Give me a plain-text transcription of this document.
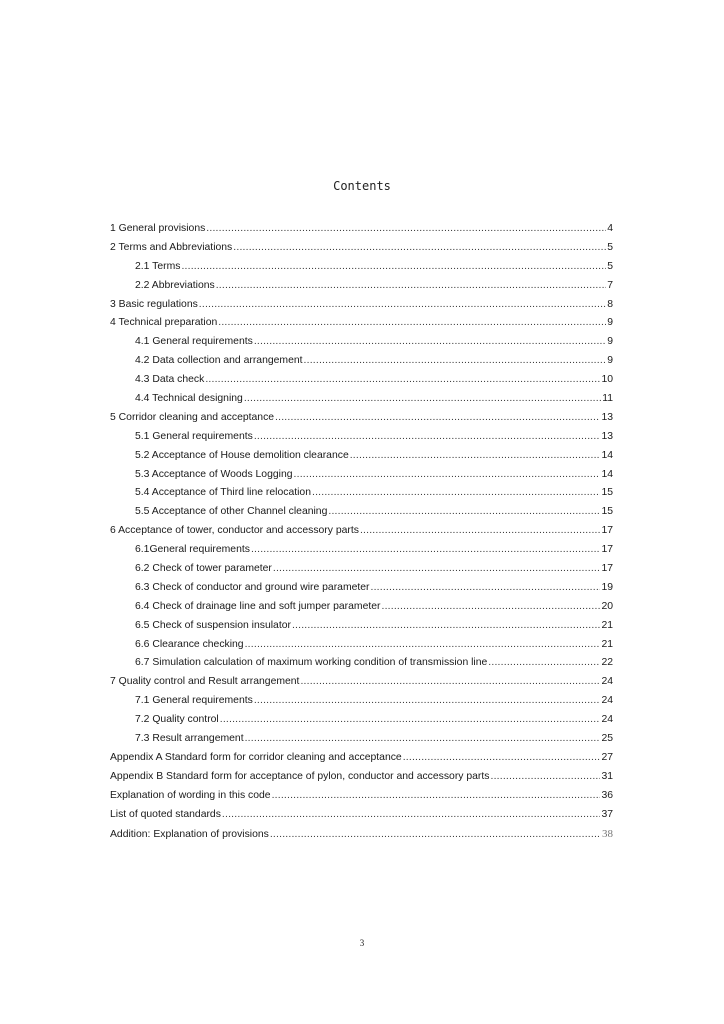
Contents
1 General provisions .....	4
2 Terms and Abbreviations .....	5
2.1 Terms .....	5
2.2 Abbreviations .....	7
3 Basic regulations .....	8
4 Technical preparation .....	9
4.1 General requirements .....	9
4.2 Data collection and arrangement .....	9
4.3 Data check .....	10
4.4 Technical designing .....	11
5 Corridor cleaning and acceptance .....	13
5.1 General requirements .....	13
5.2 Acceptance of House demolition clearance .....	14
5.3 Acceptance of Woods Logging .....	14
5.4 Acceptance of Third line relocation .....	15
5.5 Acceptance of other Channel cleaning .....	15
6 Acceptance of tower, conductor and accessory parts .....	17
6.1General requirements .....	17
6.2 Check of tower parameter .....	17
6.3 Check of conductor and ground wire parameter .....	19
6.4 Check of drainage line and soft jumper parameter .....	20
6.5 Check of suspension insulator .....	21
6.6 Clearance checking .....	21
6.7 Simulation calculation of maximum working condition of transmission line .....	22
7 Quality control and Result arrangement .....	24
7.1 General requirements .....	24
7.2 Quality control .....	24
7.3 Result arrangement .....	25
Appendix A Standard form for corridor cleaning and acceptance .....	27
Appendix B Standard form for acceptance of pylon, conductor and accessory parts .....	31
Explanation of wording in this code .....	36
List of quoted standards .....	37
Addition: Explanation of provisions .....	38
3
